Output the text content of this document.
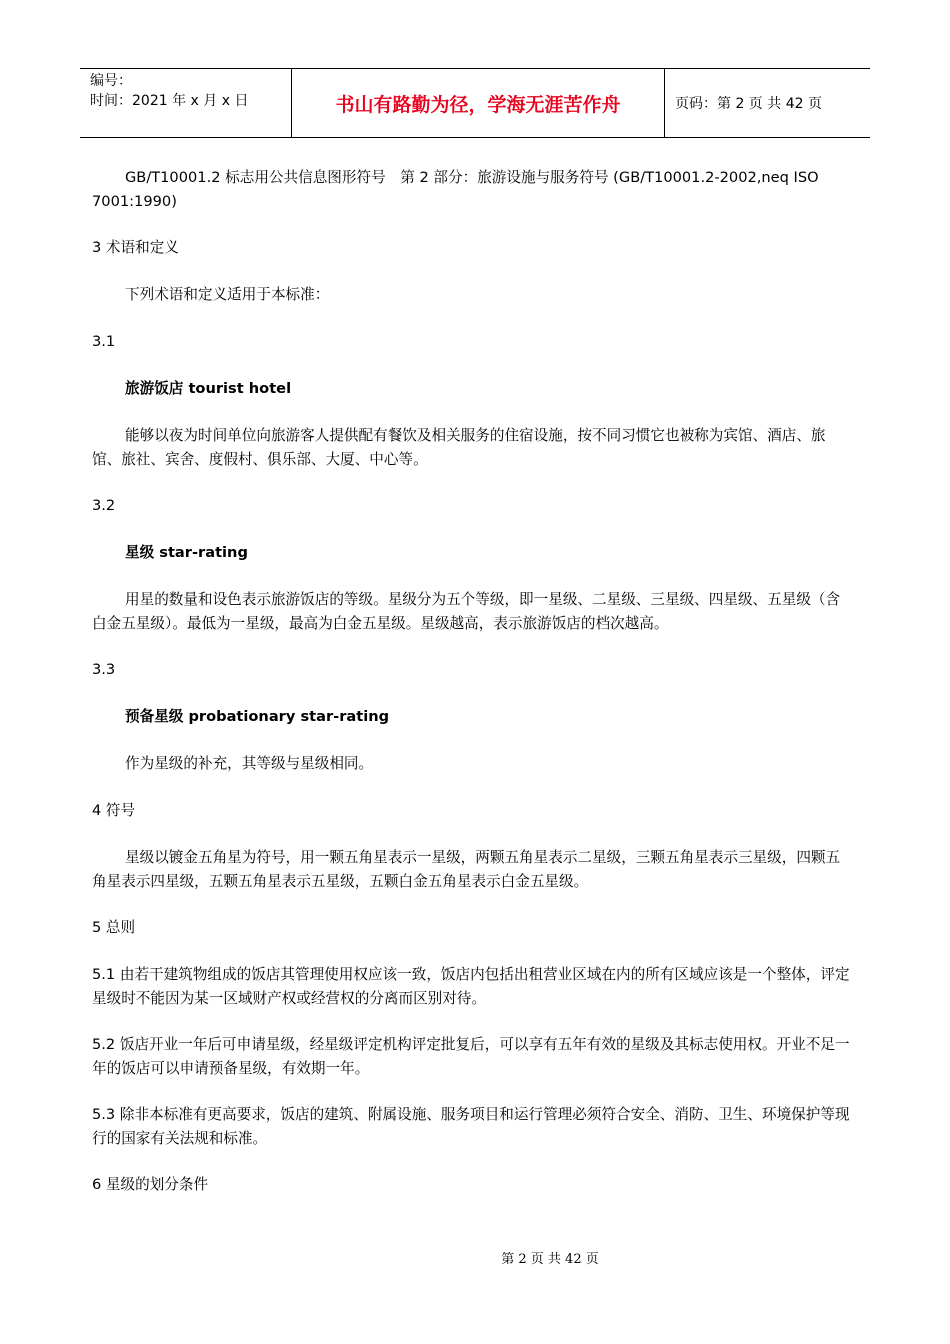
编号：
时间：2021 年 x 月 x 日	书山有路勤为径，学海无涯苦作舟	页码：第 2 页 共 42 页

GB/T10001.2 标志用公共信息图形符号　第 2 部分：旅游设施与服务符号 (GB/T10001.2-2002,neq ISO 7001:1990)

3 术语和定义

下列术语和定义适用于本标准：

3.1

旅游饭店 tourist hotel

能够以夜为时间单位向旅游客人提供配有餐饮及相关服务的住宿设施，按不同习惯它也被称为宾馆、酒店、旅馆、旅社、宾舍、度假村、俱乐部、大厦、中心等。

3.2

星级 star-rating

用星的数量和设色表示旅游饭店的等级。星级分为五个等级，即一星级、二星级、三星级、四星级、五星级（含白金五星级）。最低为一星级，最高为白金五星级。星级越高，表示旅游饭店的档次越高。

3.3

预备星级 probationary star-rating

作为星级的补充，其等级与星级相同。

4 符号

星级以镀金五角星为符号，用一颗五角星表示一星级，两颗五角星表示二星级，三颗五角星表示三星级，四颗五角星表示四星级，五颗五角星表示五星级，五颗白金五角星表示白金五星级。

5 总则

5.1 由若干建筑物组成的饭店其管理使用权应该一致，饭店内包括出租营业区域在内的所有区域应该是一个整体，评定星级时不能因为某一区域财产权或经营权的分离而区别对待。

5.2 饭店开业一年后可申请星级，经星级评定机构评定批复后，可以享有五年有效的星级及其标志使用权。开业不足一年的饭店可以申请预备星级，有效期一年。

5.3 除非本标准有更高要求，饭店的建筑、附属设施、服务项目和运行管理必须符合安全、消防、卫生、环境保护等现行的国家有关法规和标准。

6 星级的划分条件

第 2 页 共 42 页
